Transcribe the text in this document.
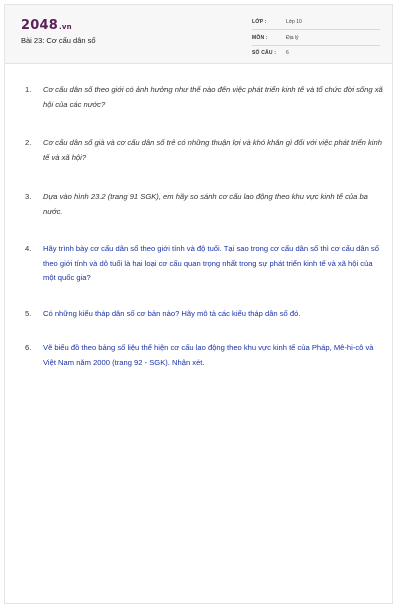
2048.vn
Bài 23: Cơ cấu dân số
LỚP :	Lớp 10
MÔN :	Địa lý
SỐ CÂU : 6
1. Cơ cấu dân số theo giới có ảnh hưởng như thế nào đến việc phát triển kinh tế và tổ chức đời sống xã hội của các nước?
2. Cơ cấu dân số già và cơ cấu dân số trẻ có những thuận lợi và khó khăn gì đối với việc phát triển kinh tế và xã hội?
3. Dựa vào hình 23.2 (trang 91 SGK), em hãy so sánh cơ cấu lao động theo khu vực kinh tế của ba nước.
4. Hãy trình bày cơ cấu dân số theo giới tính và độ tuổi. Tại sao trong cơ cấu dân số thì cơ cấu dân số theo giới tính và dô tuổi là hai loại cơ cấu quan trọng nhất trong sự phát triển kinh tế và xã hội của một quốc gia?
5. Có những kiểu tháp dân số cơ bản nào? Hãy mô tả các kiểu tháp dân số đó.
6. Vẽ biểu đồ theo bảng số liệu thể hiện cơ cấu lao động theo khu vực kinh tế của Pháp, Mê-hi-cô và Việt Nam năm 2000 (trang 92 - SGK). Nhận xét.
